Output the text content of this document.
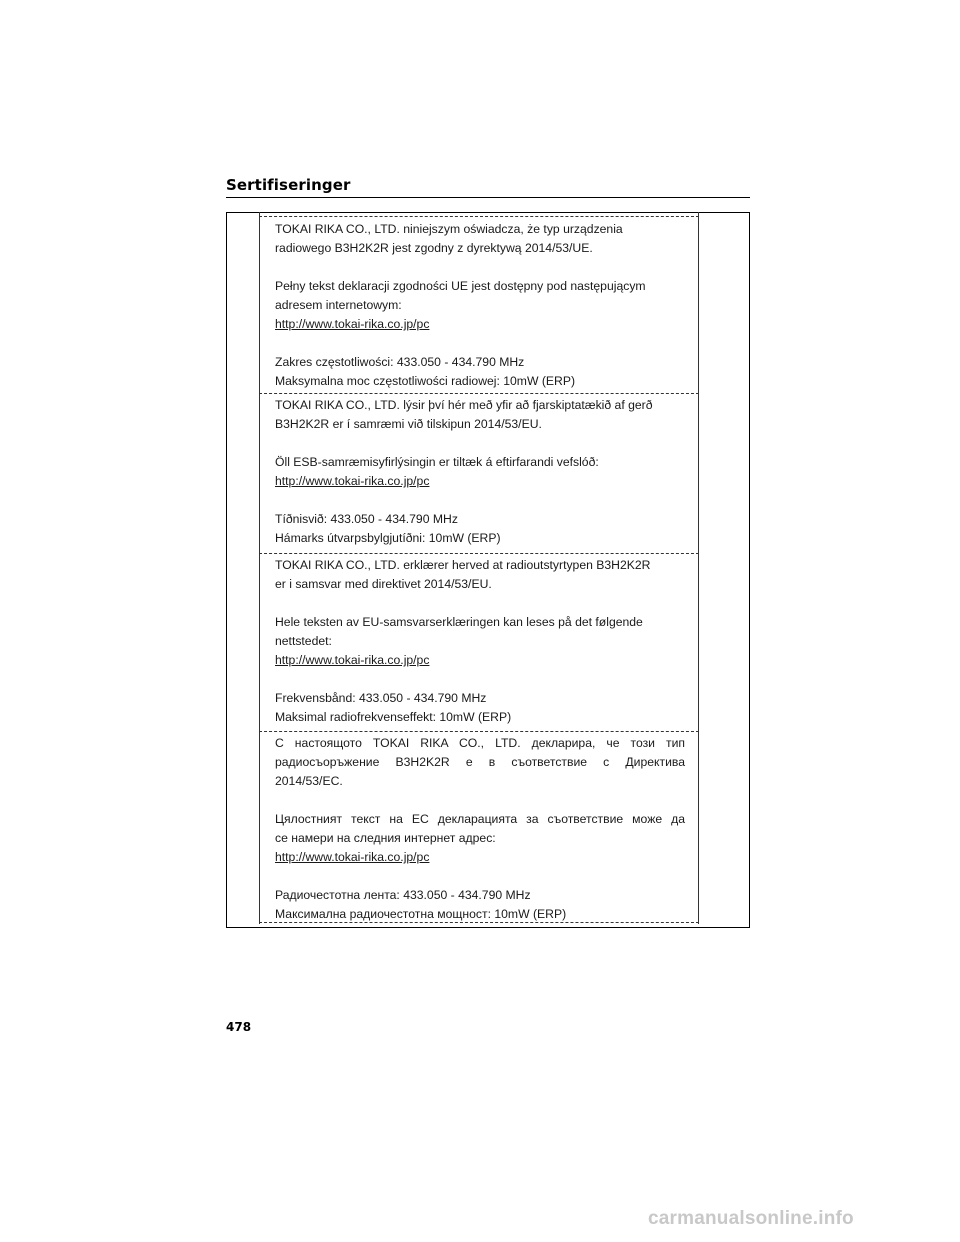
Sertifiseringer

TOKAI RIKA CO., LTD. niniejszym oświadcza, że typ urządzenia

radiowego B3H2K2R jest zgodny z dyrektywą 2014/53/UE.

Pełny tekst deklaracji zgodności UE jest dostępny pod następującym

adresem internetowym:

http://www.tokai-rika.co.jp/pc

Zakres częstotliwości: 433.050 - 434.790 MHz

Maksymalna moc częstotliwości radiowej: 10mW (ERP)

TOKAI RIKA CO., LTD. lýsir því hér með yfir að fjarskiptatækið af gerð

B3H2K2R er í samræmi við tilskipun 2014/53/EU.

Öll ESB-samræmisyfirlýsingin er tiltæk á eftirfarandi vefslóð:

http://www.tokai-rika.co.jp/pc

Tíðnisvið: 433.050 - 434.790 MHz

Hámarks útvarpsbylgjutíðni: 10mW (ERP)

TOKAI RIKA CO., LTD. erklærer herved at radioutstyrtypen B3H2K2R

er i samsvar med direktivet 2014/53/EU.

Hele teksten av EU-samsvarserklæringen kan leses på det følgende

nettstedet:

http://www.tokai-rika.co.jp/pc

Frekvensbånd: 433.050 - 434.790 MHz

Maksimal radiofrekvenseffekt: 10mW (ERP)

С настоящото TOKAI RIKA CO., LTD. декларира, че този тип

радиосъоръжение B3H2K2R е в съответствие с Директива

2014/53/ЕС.

Цялостният текст на ЕС декларацията за съответствие може да

се намери на следния интернет адрес:

http://www.tokai-rika.co.jp/pc

Радиочестотна лента: 433.050 - 434.790 MHz

Максимална радиочестотна мощност: 10mW (ERP)

478

carmanualsonline.info
